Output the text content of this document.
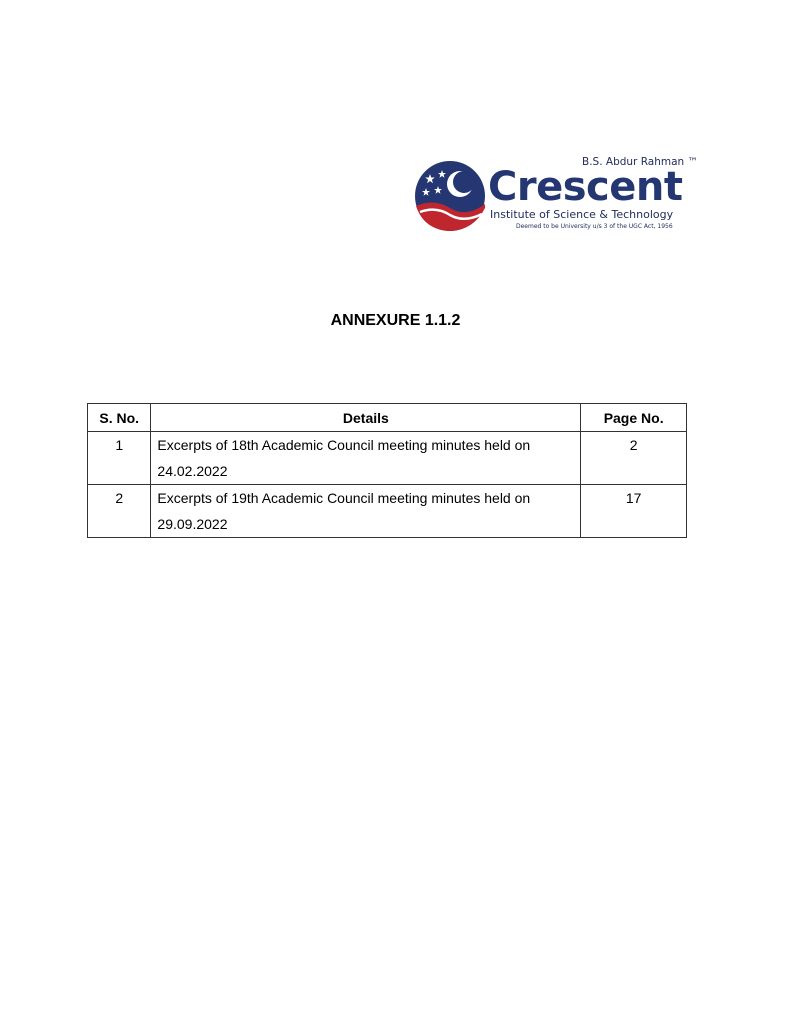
B.S. Abdur Rahman ™
Crescent
Institute of Science & Technology
Deemed to be University u/s 3 of the UGC Act, 1956
ANNEXURE 1.1.2
S. No.	Details	Page No.
1	Excerpts of 18th Academic Council meeting minutes held on 24.02.2022	2
2	Excerpts of 19th Academic Council meeting minutes held on 29.09.2022	17
